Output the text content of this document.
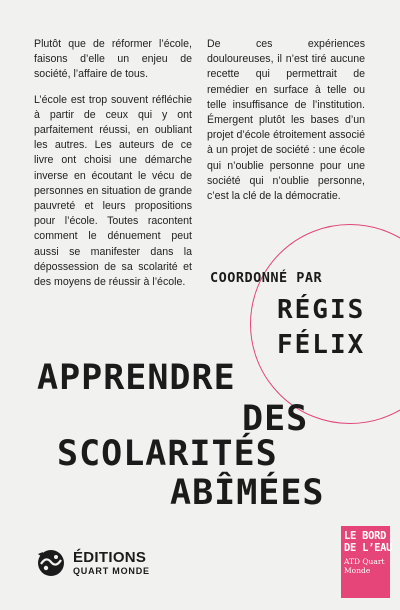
Plutôt que de réformer l’école, faisons d’elle un enjeu de société, l’affaire de tous.

L’école est trop souvent réfléchie à partir de ceux qui y ont parfaitement réussi, en oubliant les autres. Les auteurs de ce livre ont choisi une démarche inverse en écoutant le vécu de personnes en situation de grande pauvreté et leurs propositions pour l’école. Toutes racontent comment le dénuement peut aussi se manifester dans la dépossession de sa scolarité et des moyens de réussir à l’école.

De ces expériences douloureuses, il n’est tiré aucune recette qui permettrait de remédier en surface à telle ou telle insuffisance de l’institution. Émergent plutôt les bases d’un projet d’école étroitement associé à un projet de société : une école qui n’oublie personne pour une société qui n’oublie personne, c’est la clé de la démocratie.

COORDONNÉ PAR
RÉGIS
FÉLIX
APPRENDRE
DES
SCOLARITÉS
ABÎMÉES
ÉDITIONS
QUART MONDE
LE BORD
DE L’EAU
ATD Quart
Monde
